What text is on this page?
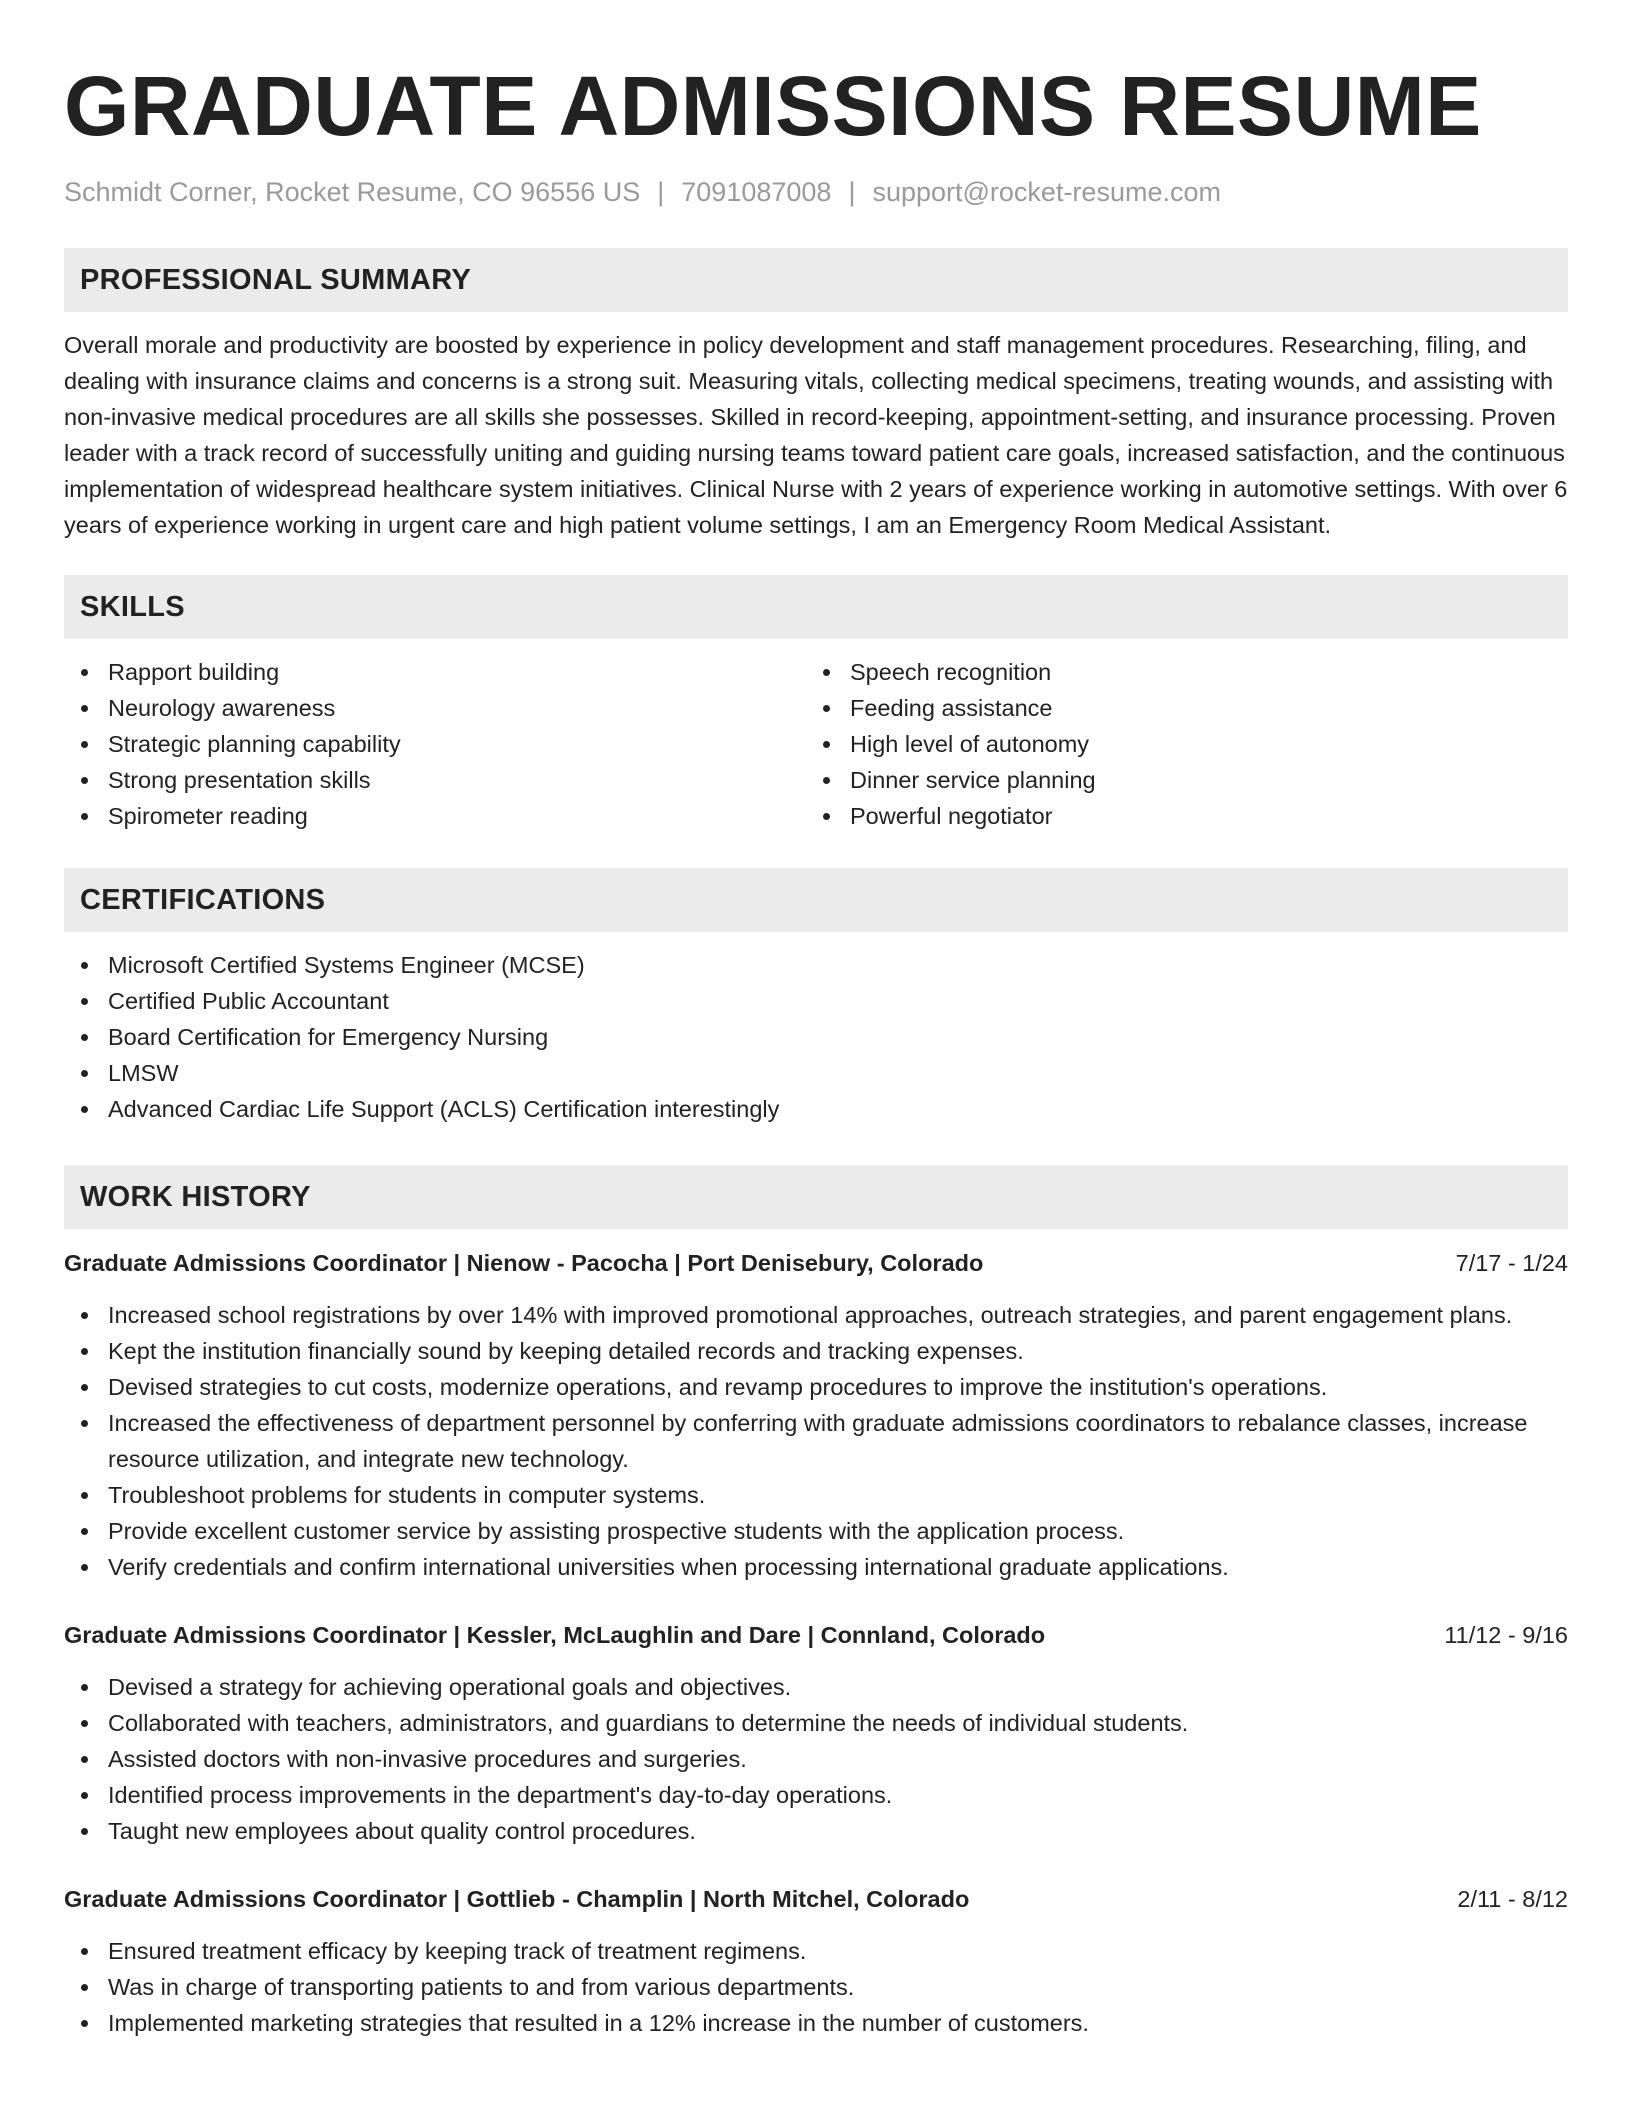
GRADUATE ADMISSIONS RESUME
Schmidt Corner, Rocket Resume, CO 96556 US | 7091087008 | support@rocket-resume.com
PROFESSIONAL SUMMARY

Overall morale and productivity are boosted by experience in policy development and staff management procedures. Researching, filing, and dealing with insurance claims and concerns is a strong suit. Measuring vitals, collecting medical specimens, treating wounds, and assisting with non-invasive medical procedures are all skills she possesses. Skilled in record-keeping, appointment-setting, and insurance processing. Proven leader with a track record of successfully uniting and guiding nursing teams toward patient care goals, increased satisfaction, and the continuous implementation of widespread healthcare system initiatives. Clinical Nurse with 2 years of experience working in automotive settings. With over 6 years of experience working in urgent care and high patient volume settings, I am an Emergency Room Medical Assistant.

SKILLS
Rapport building
Neurology awareness
Strategic planning capability
Strong presentation skills
Spirometer reading
Speech recognition
Feeding assistance
High level of autonomy
Dinner service planning
Powerful negotiator
CERTIFICATIONS
Microsoft Certified Systems Engineer (MCSE)
Certified Public Accountant
Board Certification for Emergency Nursing
LMSW
Advanced Cardiac Life Support (ACLS) Certification interestingly
WORK HISTORY
Graduate Admissions Coordinator | Nienow - Pacocha | Port Denisebury, Colorado	7/17 - 1/24
Increased school registrations by over 14% with improved promotional approaches, outreach strategies, and parent engagement plans.
Kept the institution financially sound by keeping detailed records and tracking expenses.
Devised strategies to cut costs, modernize operations, and revamp procedures to improve the institution's operations.
Increased the effectiveness of department personnel by conferring with graduate admissions coordinators to rebalance classes, increase resource utilization, and integrate new technology.
Troubleshoot problems for students in computer systems.
Provide excellent customer service by assisting prospective students with the application process.
Verify credentials and confirm international universities when processing international graduate applications.
Graduate Admissions Coordinator | Kessler, McLaughlin and Dare | Connland, Colorado	11/12 - 9/16
Devised a strategy for achieving operational goals and objectives.
Collaborated with teachers, administrators, and guardians to determine the needs of individual students.
Assisted doctors with non-invasive procedures and surgeries.
Identified process improvements in the department's day-to-day operations.
Taught new employees about quality control procedures.
Graduate Admissions Coordinator | Gottlieb - Champlin | North Mitchel, Colorado	2/11 - 8/12
Ensured treatment efficacy by keeping track of treatment regimens.
Was in charge of transporting patients to and from various departments.
Implemented marketing strategies that resulted in a 12% increase in the number of customers.
